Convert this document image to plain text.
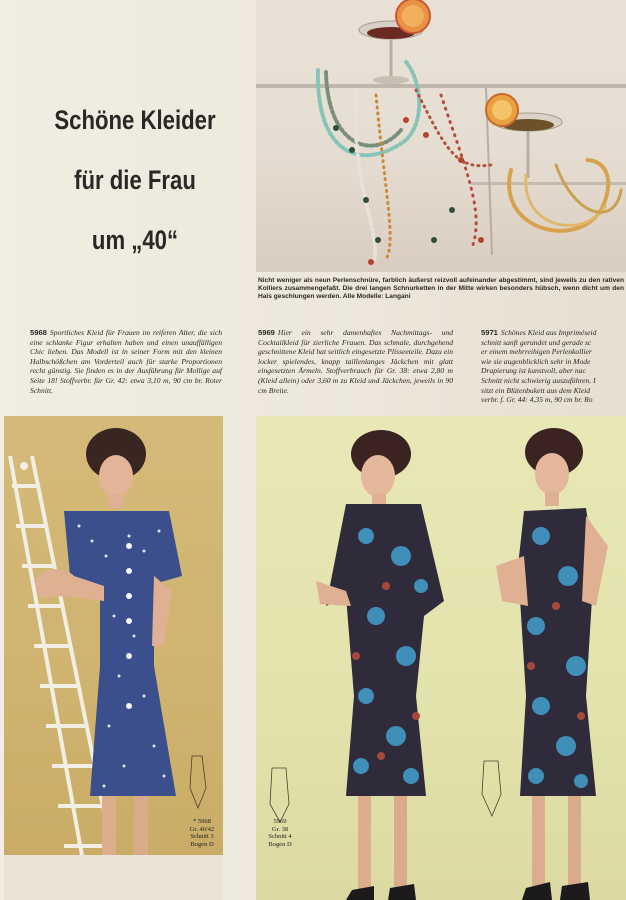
Schöne Kleider
für die Frau
um „40“
Nicht weniger als neun Perlenschnüre, farblich äußerst reizvoll aufeinander abgestimmt, sind jeweils zu den rativen Kolliers zusammengefaßt. Die drei langen Schnurketten in der Mitte wirken besonders hübsch, wenn dicht um den Hals geschlungen werden. Alle Modelle: Langani
5968 Sportliches Kleid für Frauen im reiferen Alter, die sich eine schlanke Figur erhalten haben und einen unauffälligen Chic lieben. Das Modell ist in seiner Form mit den kleinen Halbschößchen am Vorderteil auch für starke Proportionen recht günstig. Sie finden es in der Ausführung für Mollige auf Seite 18! Stoffverbr. für Gr. 42: etwa 3,10 m, 90 cm br. Roter Schnitt.
5969 Hier ein sehr damenhaftes Nachmittags- und Cocktailkleid für zierliche Frauen. Das schmale, durchgehend geschnittene Kleid hat seitlich eingesetzte Plisseeteile. Dazu ein locker spielendes, knapp taillenlanges Jäckchen mit glatt eingesetzten Ärmeln. Stoffverbrauch für Gr. 38: etwa 2,80 m (Kleid allein) oder 3,60 m zu Kleid und Jäckchen, jeweils in 90 cm Breite.
5971 Schönes Kleid aus Impriméseid
schnitt sanft gerundet und gerade sc
er einem mehrreihigen Perlenkollier
wie sie augenblicklich sehr in Mode
Drapierung ist kunstvoll, aber nac
Schnitt nicht schwierig auszuführen. I
sitzt ein Blütenbukett aus dem Kleid
verbr. f. Gr. 44: 4,35 m, 90 cm br. Ro
* 5968
Gr. 40/42
Schnitt 3
Bogen D
5969
Gr. 38
Schnitt 4
Bogen D
